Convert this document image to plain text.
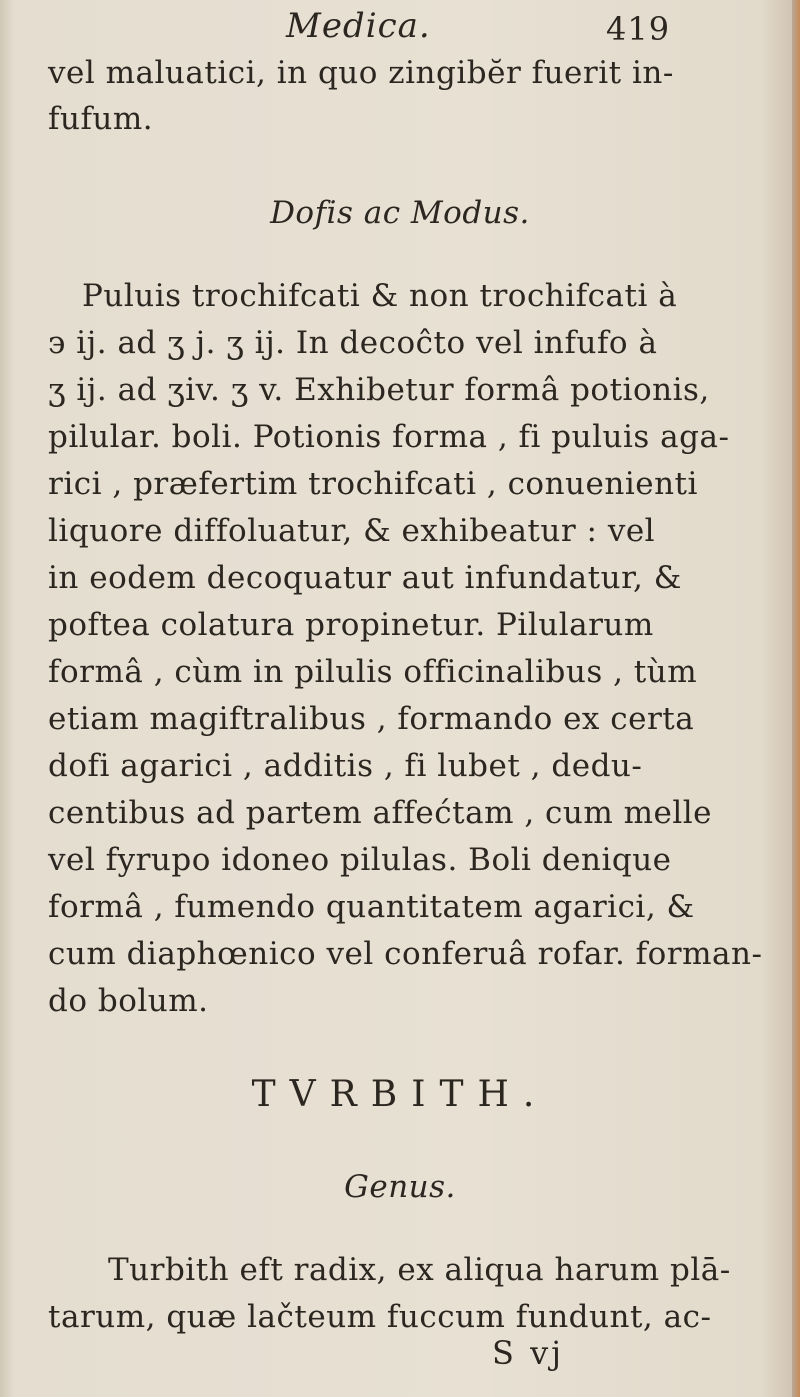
Medica.	419
vel maluatici, in quo zingibĕr fuerit in-
fufum.
Dofis ac Modus.
Puluis trochifcati & non trochifcati à
϶ ij. ad ʒ j. ʒ ij. In decoĉto vel infufo à
ʒ ij. ad ʒiv. ʒ v. Exhibetur formâ potionis,
pilular. boli. Potionis forma , fi puluis aga-
rici , præfertim trochifcati , conuenienti
liquore diffoluatur, & exhibeatur : vel
in eodem decoquatur aut infundatur, &
poftea colatura propinetur. Pilularum
formâ , cùm in pilulis officinalibus , tùm
etiam magiftralibus , formando ex certa
dofi agarici , additis , fi lubet , dedu-
centibus ad partem affećtam , cum melle
vel fyrupo idoneo pilulas. Boli denique
formâ , fumendo quantitatem agarici, &
cum diaphœnico vel conferuâ rofar. forman-
do bolum.
TVRBITH.
Genus.
Turbith eft radix, ex aliqua harum plā-
tarum, quæ lačteum fuccum fundunt, ac-
S vj
